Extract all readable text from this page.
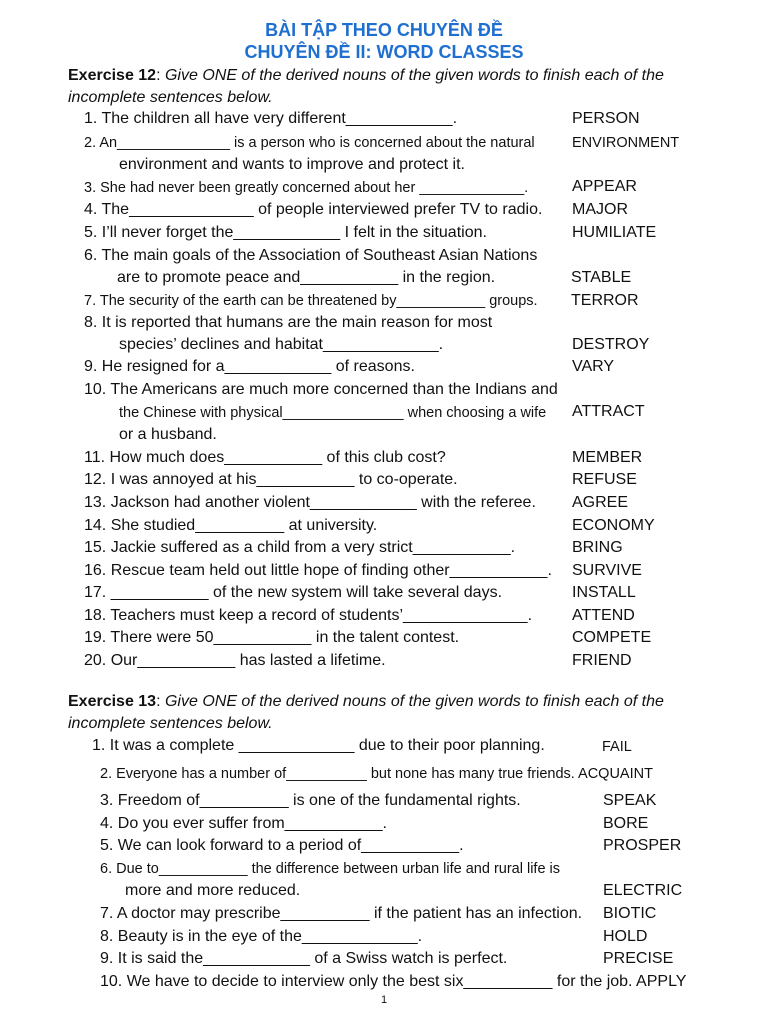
BÀI TẬP THEO CHUYÊN ĐỀ
CHUYÊN ĐỀ II: WORD CLASSES
Exercise 12: Give ONE of the derived nouns of the given words to finish each of the
incomplete sentences below.
1. The children all have very different____________.
2. An______________ is a person who is concerned about the natural
environment and wants to improve and protect it.
3. She had never been greatly concerned about her _____________.
4. The______________ of people interviewed prefer TV to radio.
5. I’ll never forget the____________ I felt in the situation.
6. The main goals of the Association of Southeast Asian Nations
are to promote peace and___________ in the region.
7. The security of the earth can be threatened by___________ groups.
8. It is reported that humans are the main reason for most
species’ declines and habitat_____________.
9. He resigned for a____________ of reasons.
10. The Americans are much more concerned than the Indians and
the Chinese with physical_______________ when choosing a wife
or a husband.
11. How much does___________ of this club cost?
12. I was annoyed at his___________ to co-operate.
13. Jackson had another violent____________ with the referee.
14. She studied__________ at university.
15. Jackie suffered as a child from a very strict___________.
16. Rescue team held out little hope of finding other___________.
17. ___________ of the new system will take several days.
18. Teachers must keep a record of students’______________.
19. There were 50___________ in the talent contest.
20. Our___________ has lasted a lifetime.
PERSON
ENVIRONMENT
APPEAR
MAJOR
HUMILIATE
STABLE
TERROR
DESTROY
VARY
ATTRACT
MEMBER
REFUSE
AGREE
ECONOMY
BRING
SURVIVE
INSTALL
ATTEND
COMPETE
FRIEND
Exercise 13: Give ONE of the derived nouns of the given words to finish each of the
incomplete sentences below.
1. It was a complete _____________ due to their poor planning.
2. Everyone has a number of__________ but none has many true friends. ACQUAINT
3. Freedom of__________ is one of the fundamental rights.
4. Do you ever suffer from___________.
5. We can look forward to a period of___________.
6. Due to___________ the difference between urban life and rural life is
more and more reduced.
7. A doctor may prescribe__________ if the patient has an infection.
8. Beauty is in the eye of the_____________.
9. It is said the____________ of a Swiss watch is perfect.
10. We have to decide to interview only the best six__________ for the job. APPLY
FAIL
SPEAK
BORE
PROSPER
ELECTRIC
BIOTIC
HOLD
PRECISE
1
